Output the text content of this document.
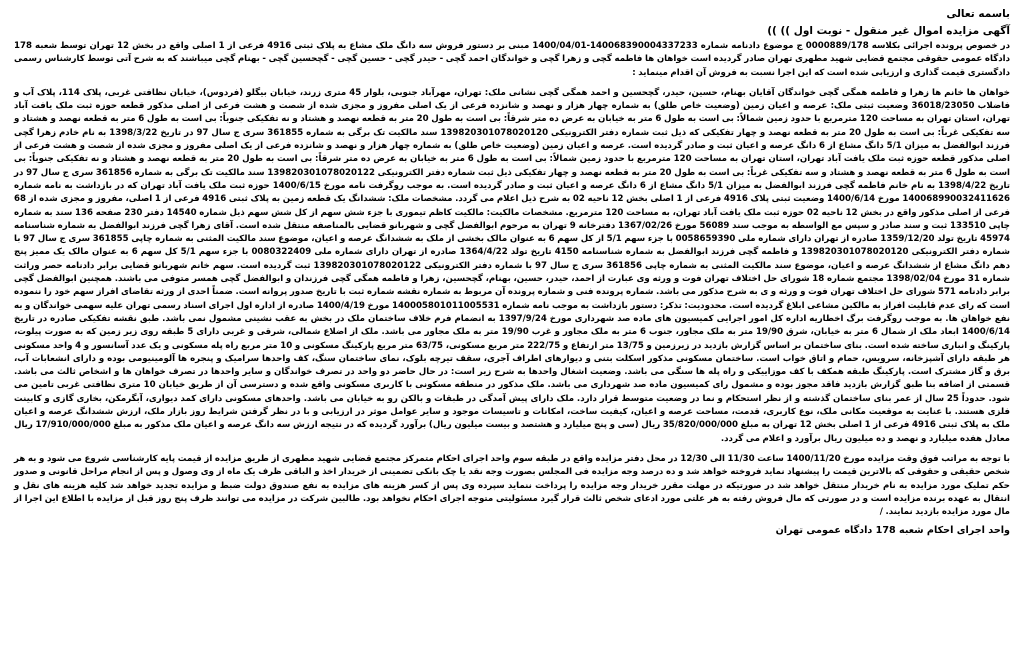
باسمه تعالی
آگهی مزایده اموال غیر منقول - نوبت اول )) ))

در خصوص پرونده اجرائی بکلاسه 0000889/178 ج موضوع دادنامه شماره 140068390004337233-1400/04/01 مبنی بر دستور فروش سه دانگ ملک مشاع به پلاک ثبتی 4916 فرعی از 1 اصلی واقع در بخش 12 تهران توسط شعبه 178 دادگاه عمومی حقوقی مجتمع قضایی شهید مطهری تهران صادر گردیده است خواهان ها فاطمه گچی و زهرا گچی و خواندگان احمد گچی - حیدر گچی - حسین گچی - گچحسین گچی - بهنام گچی میباشند که به شرح آتی توسط کارشناس رسمی دادگستری قیمت گذاری و ارزیابی شده است که این اجرا نسبت به فروش آن اقدام مینماید :

خواهان ها خانم ها زهرا و فاطمه همگی گچی خواندگان آقایان بهنام، حسین، حیدر، گچحسین و احمد همگی گچی نشانی ملک: تهران، مهرآباد جنوبی، بلوار 45 متری زرند، خیابان بیگلو (فردوس)، خیابان نظافتی غربی، پلاک 114، پلاک آب و فاضلاب 36018/23050 وضعیت ثبتی ملک: عرصه و اعیان زمین (وضعیت خاص طلق) به شماره چهار هزار و نهصد و شانزده فرعی از یک اصلی مفروز و مجزی شده از شصت و هشت فرعی از اصلی مذکور قطعه حوزه ثبت ملک یافت آباد تهران، استان تهران به مساحت 120 مترمربع با حدود زمین شمالاً: بی است به طول 6 متر به خیابان به عرض ده متر شرقاً: بی است به طول 20 متر به قطعه نهصد و هشتاد و نه تفکیکی جنوباً: بی است به طول 6 متر به قطعه نهصد و هشتاد و سه تفکیکی غرباً: بی است به طول 20 متر به قطعه نهصد و چهار تفکیکی که ذیل ثبت شماره دفتر الکترونیکی 139820301078020120 سند مالکیت تک برگی به شماره 361855 سری ج سال 97 در تاریخ 1398/3/22 به نام خادم زهرا گچی فرزند ابوالفضل به میزان 5/1 دانگ مشاع از 6 دانگ عرصه و اعیان ثبت و صادر گردیده است. عرصه و اعیان زمین (وضعیت خاص طلق) به شماره چهار هزار و نهصد و شانزده فرعی از یک اصلی مفروز و مجزی شده از شصت و هشت فرعی از اصلی مذکور قطعه حوزه ثبت ملک یافت آباد تهران، استان تهران به مساحت 120 مترمربع با حدود زمین شمالاً: بی است به طول 6 متر به خیابان به عرض ده متر شرقاً: بی است به طول 20 متر به قطعه نهصد و هشتاد و نه تفکیکی جنوباً: بی است به طول 6 متر به قطعه نهصد و هشتاد و سه تفکیکی غرباً: بی است به طول 20 متر به قطعه نهصد و چهار تفکیکی ذیل ثبت شماره دفتر الکترونیکی 139820301078020122 سند مالکیت تک برگی به شماره 361856 سری ج سال 97 در تاریخ 1398/4/22 به نام خانم فاطمه گچی فرزند ابوالفضل به میزان 5/1 دانگ مشاع از 6 دانگ عرصه و اعیان ثبت و صادر گردیده است. به موجب روگرفت نامه مورخ 1400/6/15 حوزه ثبت ملک یافت آباد تهران که در بازداشت به نامه شماره 140068990032411626 مورخ 1400/6/14 وضعیت ثبتی پلاک 4916 فرعی از 1 اصلی بخش 12 ناحیه 02 به شرح ذیل اعلام می گردد. مشخصات ملک: ششدانگ یک قطعه زمین به پلاک ثبتی 4916 فرعی از 1 اصلی، مفروز و مجزی شده از 68 فرعی از اصلی مذکور واقع در بخش 12 ناحیه 02 حوزه ثبت ملک یافت آباد تهران، به مساحت 120 مترمربع. مشخصات مالکیت: مالکیت کاظم تیموری با جزء شش سهم از کل شش سهم ذیل شماره 14540 دفتر 230 صفحه 136 سند به شماره چاپی 133510 ثبت و سند صادر و سپس مع الواسطه به موجب سند 56089 مورخ 1367/02/26 دفترخانه 9 تهران به مرحوم ابوالفضل گچی و شهربانو قضایی بالمناصفه منتقل شده است. آقای زهرا گچی فرزند ابوالفضل به شماره شناسنامه 45974 تاریخ تولد 1359/12/20 صادره از تهران دارای شماره ملی 0058659390 با جزء سهم 5/1 از کل سهم 6 به عنوان مالک بخشی از ملک به ششدانگ عرصه و اعیان، موضوع سند مالکیت المثنی به شماره چاپی 361855 سری ج سال 97 با شماره دفتر الکترونیکی 139820301078020120 و فاطمه گچی فرزند ابوالفضل به شماره شناسنامه 4150 تاریخ تولد 1364/4/22 صادره از تهران دارای شماره ملی 0080322409 با جزء سهم 5/1 کل سهم 6 به عنوان مالک یک ممیز پنج دهم دانگ مشاع از ششدانگ عرصه و اعیان، موضوع سند مالکیت المثنی به شماره چاپی 361856 سری ج سال 97 با شماره دفتر الکترونیکی 139820301078020122 ثبت گردیده است. سهم خانم شهربانو قضایی برابر دادنامه حصر وراثت شماره 31 مورخ 1398/02/04 مجتمع شماره 18 شورای حل اختلاف تهران فوت و ورثه وی عبارت از احمد، حیدر، حسین، بهنام، گچحسین، زهرا و فاطمه همگی گچی فرزندان و ابوالفضل گچی همسر متوفی می باشند. همچنین ابوالفضل گچی برابر دادنامه 571 شورای حل اختلاف تهران فوت و ورثه و ی به شرح مذکور می باشد. شماره پرونده فنی و شماره پرونده آن مربوط به شماره نقشه شماره ثبت با تاریخ صدور پروانه است. ضمناً احدی از ورثه تقاضای افراز سهم خود را ننموده است که رای عدم قابلیت افراز به مالکین مشاعی ابلاغ گردیده است. محدودیت: تذکر: دستور بازداشت به موجب نامه شماره 140005801011005531 مورخ 1400/4/19 صادره از اداره اول اجرای اسناد رسمی تهران علیه سهمی خواندگان و به نفع خواهان ها. به موجب روگرفت برگ اخطاریه اداره کل امور اجرایی کمیسیون های ماده صد شهرداری مورخ 1397/9/24 به انضمام فرم خلاف ساختمان ملک در بخش به عقب نشینی مشمول نمی باشد. طبق نقشه تفکیکی صادره در تاریخ 1400/6/14 ابعاد ملک از شمال 6 متر به خیابان، شرق 19/90 متر به ملک مجاور، جنوب 6 متر به ملک مجاور و غرب 19/90 متر به ملک مجاور می باشد. ملک از اضلاع شمالی، شرقی و غربی دارای 5 طبقه روی زیر زمین که به صورت پیلوت، پارکینگ و انباری ساخته شده است. بنای ساختمان بر اساس گزارش بازدید در زیرزمین و 13/75 متر ارتفاع و 222/75 متر مربع مسکونی، 63/75 متر مربع پارکینگ مسکونی و 10 متر مربع راه پله مسکونی و یک عدد آسانسور و 4 واحد مسکونی هر طبقه دارای آشپزخانه، سرویس، حمام و اتاق خواب است. ساختمان مسکونی مذکور اسکلت بتنی و دیوارهای اطراف آجری، سقف تیرچه بلوک، نمای ساختمان سنگ، کف واحدها سرامیک و پنجره ها آلومینیومی بوده و دارای انشعابات آب، برق و گاز مشترک است. پارکینگ طبقه همکف با کف موزاییکی و راه پله ها سنگی می باشد. وضعیت اشغال واحدها به شرح زیر است: در حال حاضر دو واحد در تصرف خواندگان و سایر واحدها در تصرف خواهان ها و اشخاص ثالث می باشد. قسمتی از اضافه بنا طبق گزارش بازدید فاقد مجوز بوده و مشمول رای کمیسیون ماده صد شهرداری می باشد. ملک مذکور در منطقه مسکونی با کاربری مسکونی واقع شده و دسترسی آن از طریق خیابان 10 متری نظافتی غربی تامین می شود. حدوداً 25 سال از عمر بنای ساختمان گذشته و از نظر استحکام و نما در وضعیت متوسط قرار دارد. ملک دارای پیش آمدگی در طبقات و بالکن رو به خیابان می باشد. واحدهای مسکونی دارای کمد دیواری، آبگرمکن، بخاری گازی و کابینت فلزی هستند. با عنایت به موقعیت مکانی ملک، نوع کاربری، قدمت، مساحت عرصه و اعیان، کیفیت ساخت، امکانات و تاسیسات موجود و سایر عوامل موثر در ارزیابی و با در نظر گرفتن شرایط روز بازار ملک، ارزش ششدانگ عرصه و اعیان ملک به پلاک ثبتی 4916 فرعی از 1 اصلی بخش 12 تهران به مبلغ 35/820/000/000 ریال (سی و پنج میلیارد و هشتصد و بیست میلیون ریال) برآورد گردیده که در نتیجه ارزش سه دانگ عرصه و اعیان ملک مذکور به مبلغ 17/910/000/000 ریال معادل هفده میلیارد و نهصد و ده میلیون ریال برآورد و اعلام می گردد.

با توجه به مراتب فوق وقت مزایده مورخ 1400/11/20 ساعت 11/30 الی 12/30 در محل دفتر مزایده واقع در طبقه سوم واحد اجرای احکام متمرکز مجتمع قضایی شهید مطهری از طریق مزایده از قیمت پایه کارشناسی شروع می شود و به هر شخص حقیقی و حقوقی که بالاترین قیمت را پیشنهاد نماید فروخته خواهد شد و ده درصد وجه مزایده فی المجلس بصورت وجه نقد یا چک بانکی تضمینی از خریدار اخذ و الباقی ظرف یک ماه از وی وصول و پس از انجام مراحل قانونی و صدور حکم تملیک مورد مزایده به نام خریدار منتقل خواهد شد در صورتیکه در مهلت مقرر خریدار وجه مزایده را پرداخت ننماید سپرده وی پس از کسر هزینه های مزایده به نفع صندوق دولت ضبط و مزایده تجدید خواهد شد کلیه هزینه های نقل و انتقال به عهده برنده مزایده است و در صورتی که مال فروش رفته به هر علتی مورد ادعای شخص ثالث قرار گیرد مسئولیتی متوجه اجرای احکام نخواهد بود. طالبین شرکت در مزایده می توانند ظرف پنج روز قبل از مزایده با اطلاع این اجرا از مال مورد مزایده بازدید نمایند. /

واحد اجرای احکام شعبه 178 دادگاه عمومی تهران
